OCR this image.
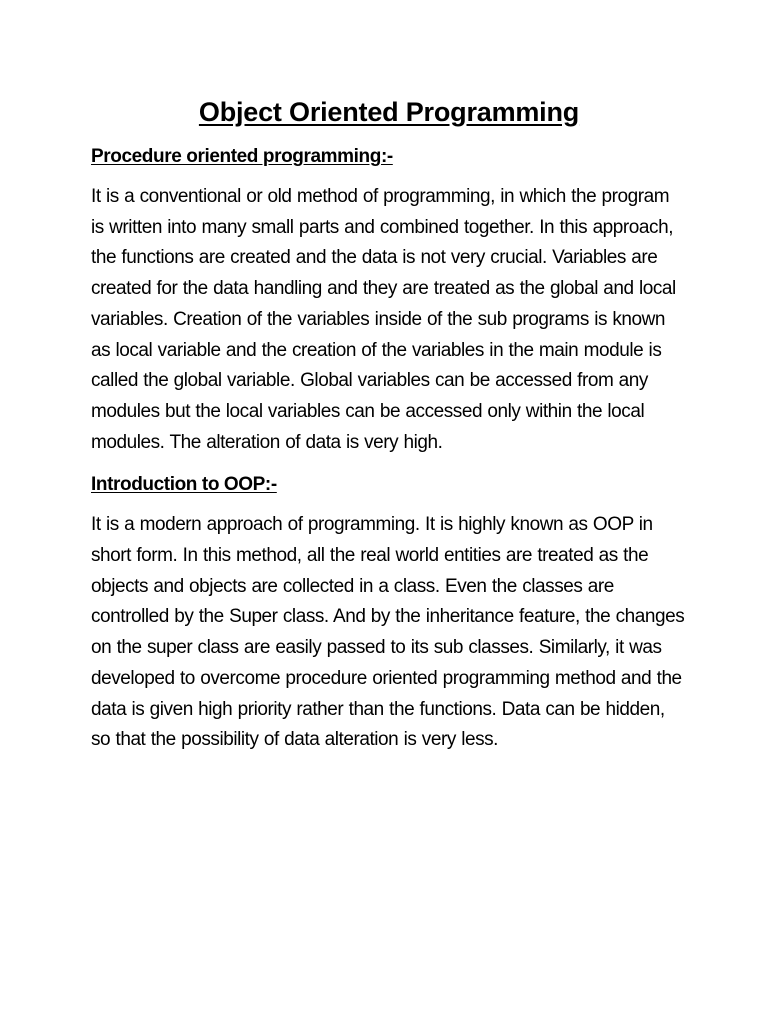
Object Oriented Programming
Procedure oriented programming:-

It is a conventional or old method of programming, in which the program is written into many small parts and combined together. In this approach, the functions are created and the data is not very crucial. Variables are created for the data handling and they are treated as the global and local variables. Creation of the variables inside of the sub programs is known as local variable and the creation of the variables in the main module is called the global variable. Global variables can be accessed from any modules but the local variables can be accessed only within the local modules. The alteration of data is very high.

Introduction to OOP:-

It is a modern approach of programming. It is highly known as OOP in short form. In this method, all the real world entities are treated as the objects and objects are collected in a class. Even the classes are controlled by the Super class. And by the inheritance feature, the changes on the super class are easily passed to its sub classes. Similarly, it was developed to overcome procedure oriented programming method and the data is given high priority rather than the functions. Data can be hidden, so that the possibility of data alteration is very less.
